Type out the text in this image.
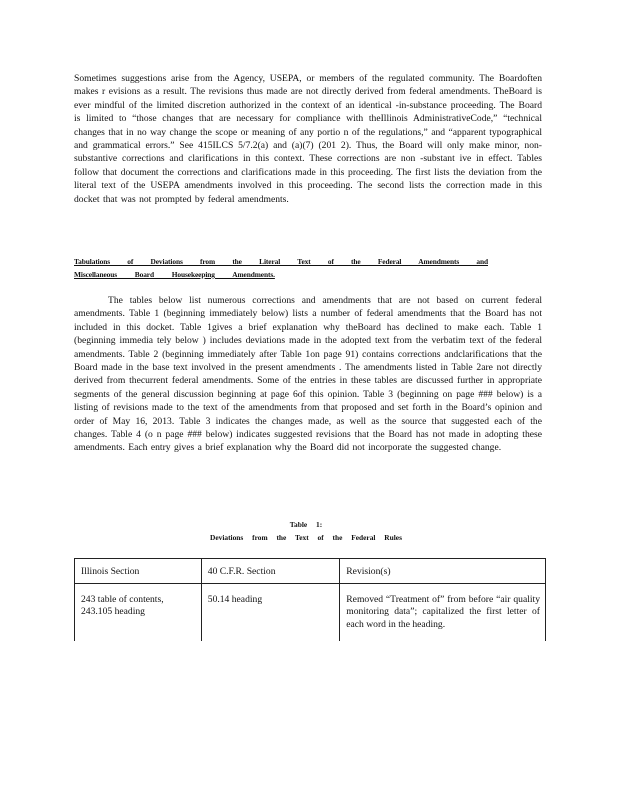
Sometimes suggestions arise from the Agency, USEPA, or members of the regulated community. The Boardoften makes r evisions as a result. The revisions thus made are not directly derived from federal amendments. TheBoard is ever mindful of the limited discretion authorized in the context of an identical -in-substance proceeding. The Board is limited to “those changes that are necessary for compliance with theIllinois AdministrativeCode,” “technical changes that in no way change the scope or meaning of any portio n of the regulations,” and “apparent typographical and grammatical errors.” See 415ILCS 5/7.2(a) and (a)(7) (201 2). Thus, the Board will only make minor, non-substantive corrections and clarifications in this context. These corrections are non -substant ive in effect. Tables follow that document the corrections and clarifications made in this proceeding. The first lists the deviation from the literal text of the USEPA amendments involved in this proceeding. The second lists the correction made in this docket that was not prompted by federal amendments.

Tabulations of Deviations from the Literal Text of the Federal Amendments and
Miscellaneous Board Housekeeping Amendments.

The tables below list numerous corrections and amendments that are not based on current federal amendments. Table 1 (beginning immediately below) lists a number of federal amendments that the Board has not included in this docket. Table 1gives a brief explanation why theBoard has declined to make each. Table 1 (beginning immedia tely below ) includes deviations made in the adopted text from the verbatim text of the federal amendments. Table 2 (beginning immediately after Table 1on page 91) contains corrections andclarifications that the Board made in the base text involved in the present amendments . The amendments listed in Table 2are not directly derived from thecurrent federal amendments. Some of the entries in these tables are discussed further in appropriate segments of the general discussion beginning at page 6of this opinion. Table 3 (beginning on page ### below) is a listing of revisions made to the text of the amendments from that proposed and set forth in the Board’s opinion and order of May 16, 2013. Table 3 indicates the changes made, as well as the source that suggested each of the changes. Table 4 (o n page ### below) indicates suggested revisions that the Board has not made in adopting these amendments. Each entry gives a brief explanation why the Board did not incorporate the suggested change.

Table 1:
Deviations from the Text of the Federal Rules
Illinois Section	40 C.F.R. Section	Revision(s)
243 table of contents, 243.105 heading	50.14 heading	Removed “Treatment of” from before “air quality monitoring data”; capitalized the first letter of each word in the heading.
